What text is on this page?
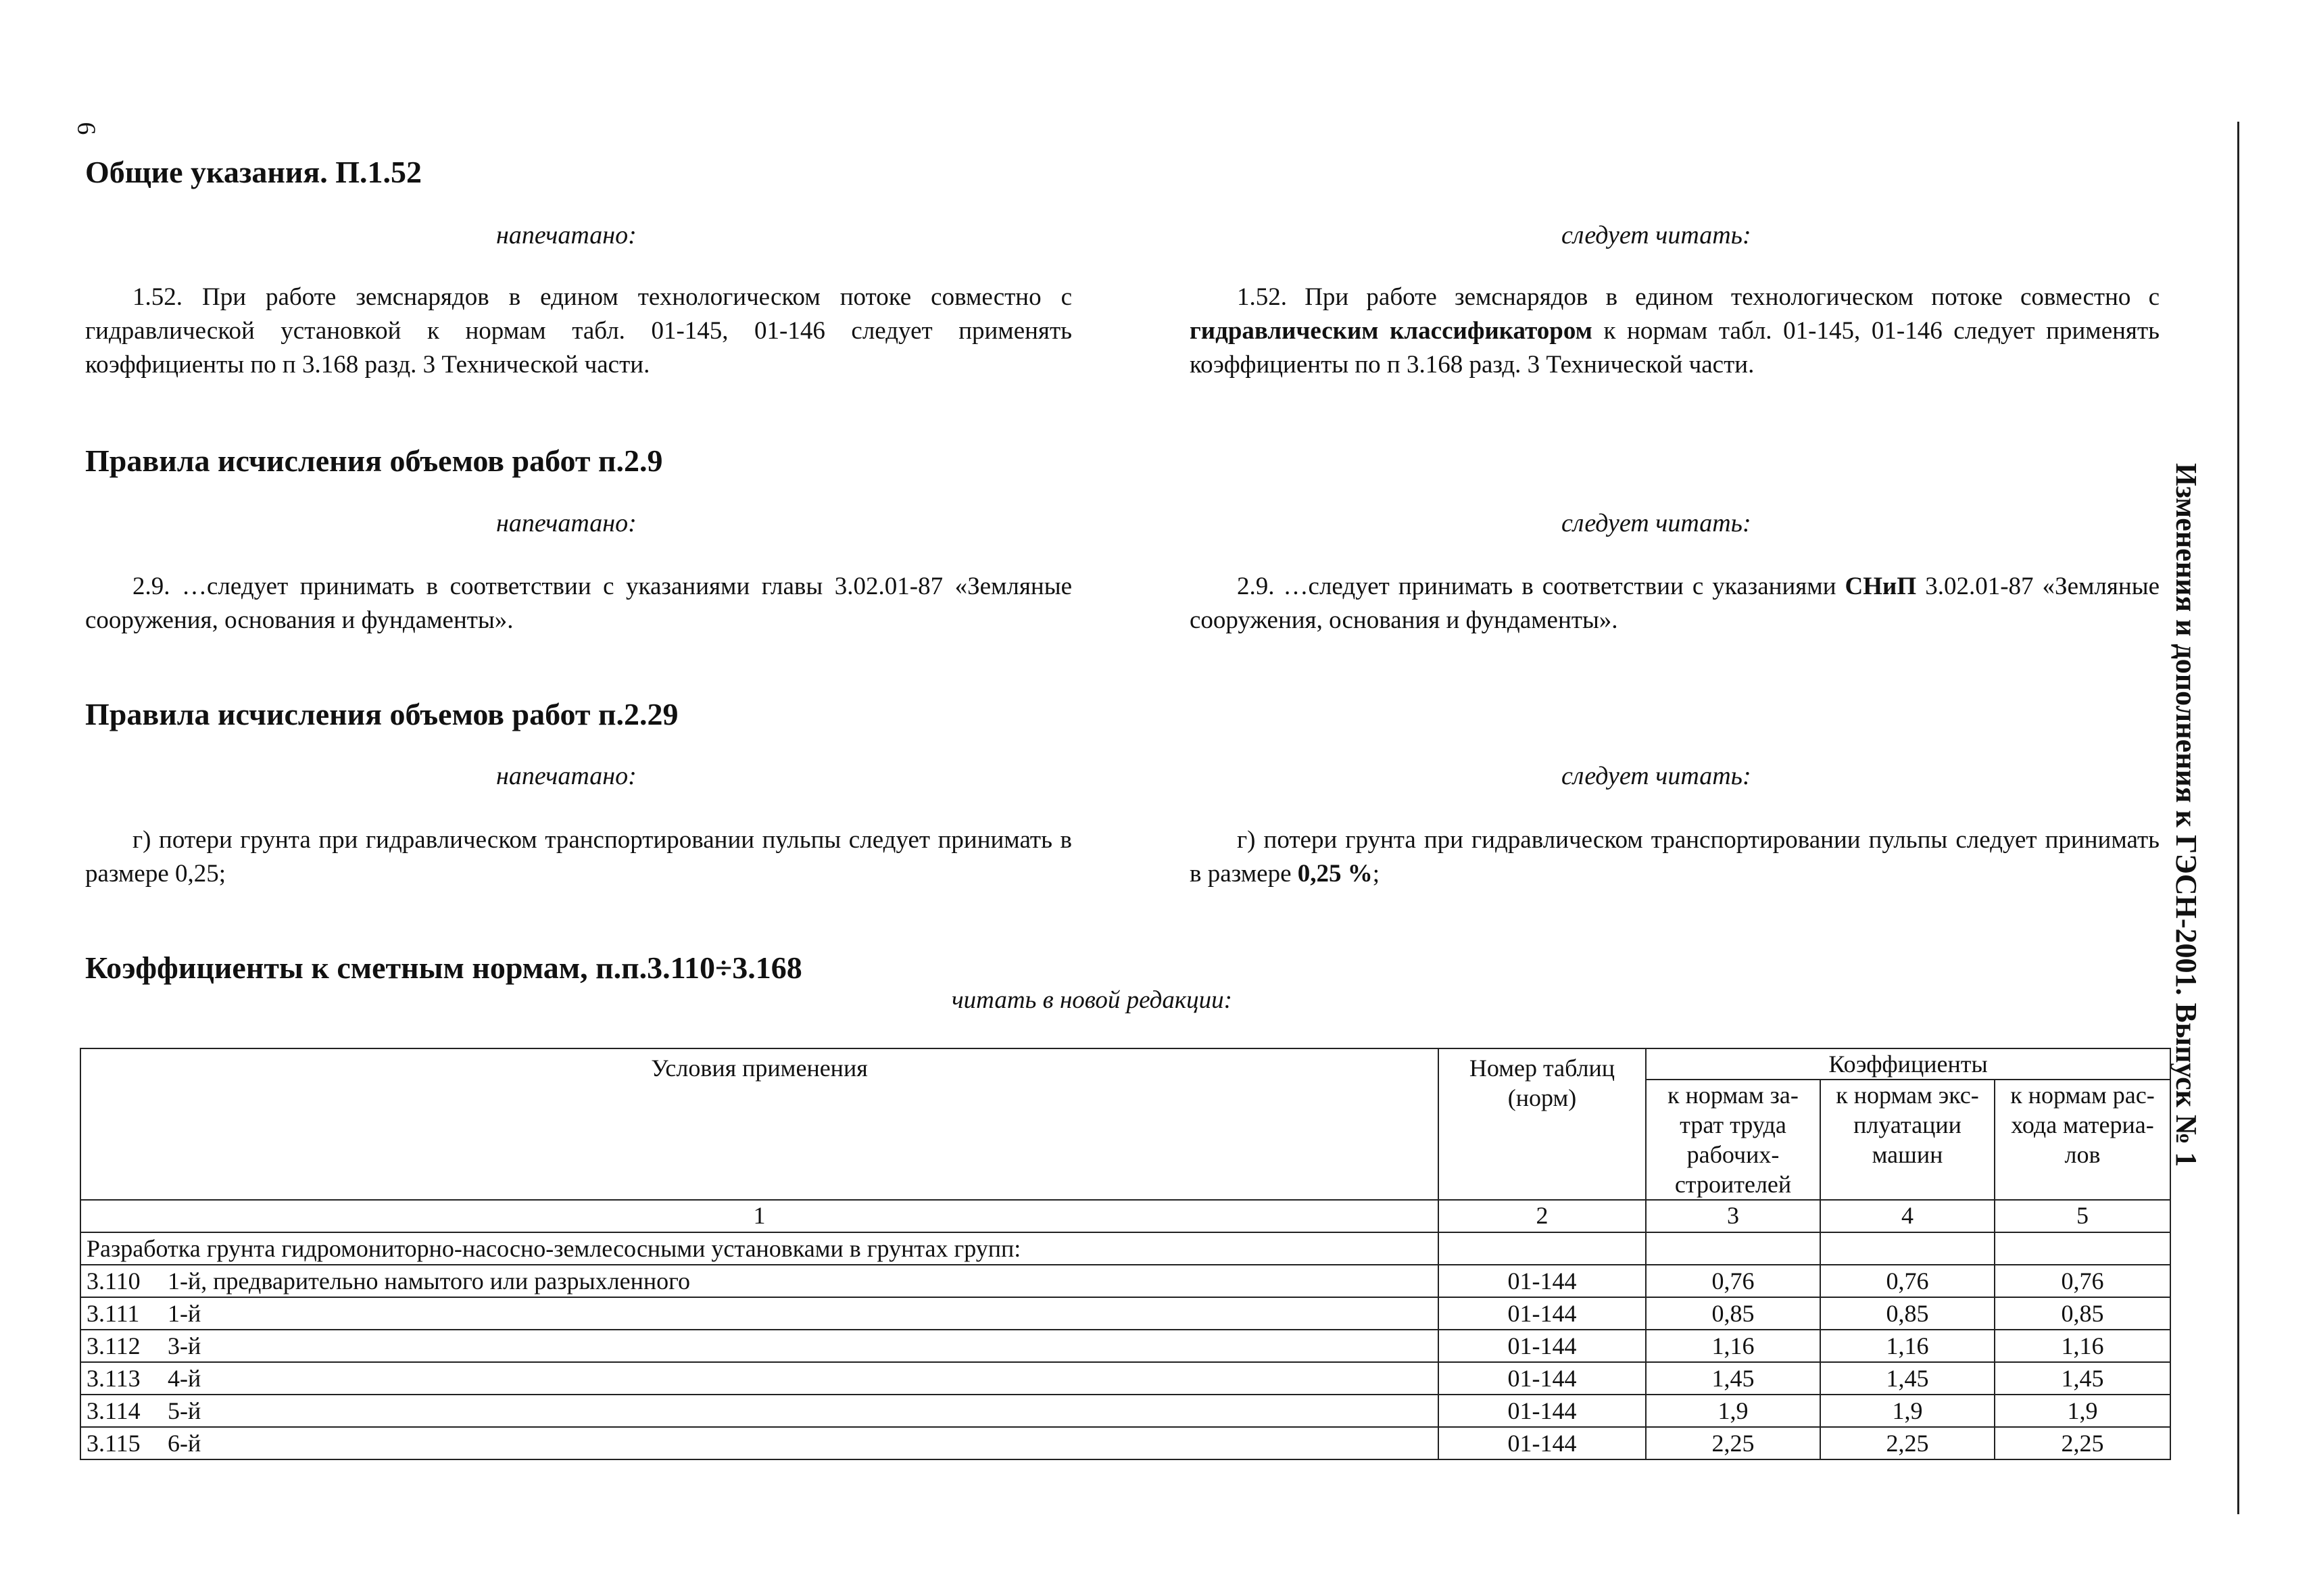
6
Изменения и дополнения к ГЭСН-2001. Выпуск № 1
Общие указания. П.1.52
напечатано:	следует читать:
1.52. При работе земснарядов в едином технологическом потоке совместно с гидравлической установкой к нормам табл. 01-145, 01-146 следует применять коэффициенты по п 3.168 разд. 3 Технической части.
1.52. При работе земснарядов в едином технологическом потоке совместно с гидравлическим классификатором к нормам табл. 01-145, 01-146 следует применять коэффициенты по п 3.168 разд. 3 Технической части.
Правила исчисления объемов работ п.2.9
напечатано:	следует читать:
2.9. …следует принимать в соответствии с указаниями главы 3.02.01-87 «Земляные сооружения, основания и фундаменты».
2.9. …следует принимать в соответствии с указаниями СНиП 3.02.01-87 «Земляные сооружения, основания и фундаменты».
Правила исчисления объемов работ п.2.29
напечатано:	следует читать:
г) потери грунта при гидравлическом транспортировании пульпы следует принимать в размере 0,25;
г) потери грунта при гидравлическом транспортировании пульпы следует принимать в размере 0,25 %;
Коэффициенты к сметным нормам, п.п.3.110÷3.168
читать в новой редакции:
Условия применения	Номер таблиц (норм)	Коэффициенты		
		к нормам за-трат труда рабочих-строителей	к нормам экс-плуатации машин	к нормам рас-хода материа-лов
1	2	3	4	5
Разработка грунта гидромониторно-насосно-землесосными установками в грунтах групп:				
3.110 1-й, предварительно намытого или разрыхленного	01-144	0,76	0,76	0,76
3.111 1-й	01-144	0,85	0,85	0,85
3.112 3-й	01-144	1,16	1,16	1,16
3.113 4-й	01-144	1,45	1,45	1,45
3.114 5-й	01-144	1,9	1,9	1,9
3.115 6-й	01-144	2,25	2,25	2,25
